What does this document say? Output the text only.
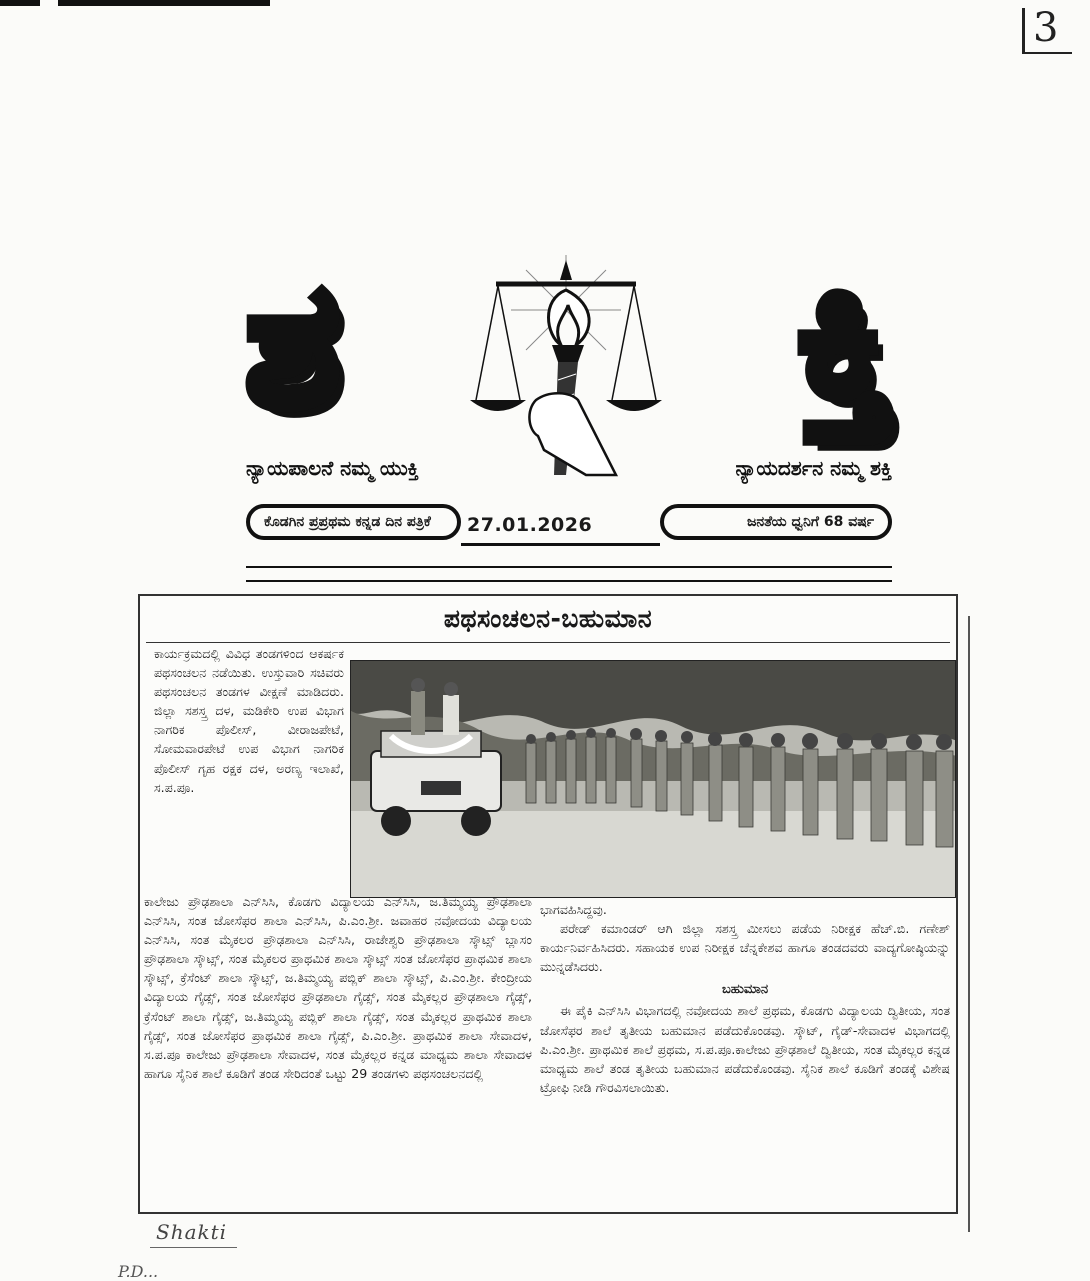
3
ಶ	ಕ್ತಿ
ನ್ಯಾಯಪಾಲನೆ ನಮ್ಮ ಯುಕ್ತಿ	ನ್ಯಾಯದರ್ಶನ ನಮ್ಮ ಶಕ್ತಿ
ಕೊಡಗಿನ ಪ್ರಪ್ರಥಮ ಕನ್ನಡ ದಿನ ಪತ್ರಿಕೆ	27.01.2026	ಜನತೆಯ ಧ್ವನಿಗೆ 68 ವರ್ಷ
ಪಥಸಂಚಲನ-ಬಹುಮಾನ

ಕಾರ್ಯಕ್ರಮದಲ್ಲಿ ವಿವಿಧ ತಂಡಗಳಿಂದ ಆಕರ್ಷಕ ಪಥಸಂಚಲನ ನಡೆಯಿತು. ಉಸ್ತುವಾರಿ ಸಚಿವರು ಪಥಸಂಚಲನ ತಂಡಗಳ ವೀಕ್ಷಣೆ ಮಾಡಿದರು. ಜಿಲ್ಲಾ ಸಶಸ್ತ್ರ ದಳ, ಮಡಿಕೇರಿ ಉಪ ವಿಭಾಗ ನಾಗರಿಕ ಪೊಲೀಸ್, ವೀರಾಜಪೇಟೆ, ಸೋಮವಾರಪೇಟೆ ಉಪ ವಿಭಾಗ ನಾಗರಿಕ ಪೊಲೀಸ್ ಗೃಹ ರಕ್ಷಕ ದಳ, ಅರಣ್ಯ ಇಲಾಖೆ, ಸ.ಪ.ಪೂ.

ಕಾಲೇಜು ಪ್ರೌಢಶಾಲಾ ಎನ್‌ಸಿಸಿ, ಕೊಡಗು ವಿದ್ಯಾಲಯ ಎನ್‌ಸಿಸಿ, ಜ.ತಿಮ್ಮಯ್ಯ ಪ್ರೌಢಶಾಲಾ ಎನ್‌ಸಿಸಿ, ಸಂತ ಜೋಸೆಫರ ಶಾಲಾ ಎನ್‌ಸಿಸಿ, ಪಿ.ಎಂ.ಶ್ರೀ. ಜವಾಹರ ನವೋದಯ ವಿದ್ಯಾಲಯ ಎನ್‌ಸಿಸಿ, ಸಂತ ಮೈಕಲರ ಪ್ರೌಢಶಾಲಾ ಎನ್‌ಸಿಸಿ, ರಾಜೇಶ್ವರಿ ಪ್ರೌಢಶಾಲಾ ಸ್ಕೌಟ್ಸ್ ಬ್ಲಾಸಂ ಪ್ರೌಢಶಾಲಾ ಸ್ಕೌಟ್ಸ್, ಸಂತ ಮೈಕಲರ ಪ್ರಾಥಮಿಕ ಶಾಲಾ ಸ್ಕೌಟ್ಸ್ ಸಂತ ಜೋಸೆಫರ ಪ್ರಾಥಮಿಕ ಶಾಲಾ ಸ್ಕೌಟ್ಸ್, ಕ್ರೆಸೆಂಟ್ ಶಾಲಾ ಸ್ಕೌಟ್ಸ್, ಜ.ತಿಮ್ಮಯ್ಯ ಪಬ್ಲಿಕ್ ಶಾಲಾ ಸ್ಕೌಟ್ಸ್, ಪಿ.ಎಂ.ಶ್ರೀ. ಕೇಂದ್ರೀಯ ವಿದ್ಯಾಲಯ ಗೈಡ್ಸ್, ಸಂತ ಜೋಸೆಫರ ಪ್ರೌಢಶಾಲಾ ಗೈಡ್ಸ್, ಸಂತ ಮೈಕಲ್ಲರ ಪ್ರೌಢಶಾಲಾ ಗೈಡ್ಸ್, ಕ್ರೆಸೆಂಟ್ ಶಾಲಾ ಗೈಡ್ಸ್, ಜ.ತಿಮ್ಮಯ್ಯ ಪಬ್ಲಿಕ್ ಶಾಲಾ ಗೈಡ್ಸ್, ಸಂತ ಮೈಕಲ್ಲರ ಪ್ರಾಥಮಿಕ ಶಾಲಾ ಗೈಡ್ಸ್, ಸಂತ ಜೋಸೆಫರ ಪ್ರಾಥಮಿಕ ಶಾಲಾ ಗೈಡ್ಸ್, ಪಿ.ಎಂ.ಶ್ರೀ. ಪ್ರಾಥಮಿಕ ಶಾಲಾ ಸೇವಾದಳ, ಸ.ಪ.ಪೂ ಕಾಲೇಜು ಪ್ರೌಢಶಾಲಾ ಸೇವಾದಳ, ಸಂತ ಮೈಕಲ್ಲರ ಕನ್ನಡ ಮಾಧ್ಯಮ ಶಾಲಾ ಸೇವಾದಳ ಹಾಗೂ ಸೈನಿಕ ಶಾಲೆ ಕೂಡಿಗೆ ತಂಡ ಸೇರಿದಂತೆ ಒಟ್ಟು 29 ತಂಡಗಳು ಪಥಸಂಚಲನದಲ್ಲಿ

ಭಾಗವಹಿಸಿದ್ದವು.

ಪರೇಡ್ ಕಮಾಂಡರ್ ಆಗಿ ಜಿಲ್ಲಾ ಸಶಸ್ತ್ರ ಮೀಸಲು ಪಡೆಯ ನಿರೀಕ್ಷಕ ಹೆಚ್.ಬಿ. ಗಣೇಶ್ ಕಾರ್ಯನಿರ್ವಹಿಸಿದರು. ಸಹಾಯಕ ಉಪ ನಿರೀಕ್ಷಕ ಚೆನ್ನಕೇಶವ ಹಾಗೂ ತಂಡದವರು ವಾದ್ಯಗೋಷ್ಠಿಯನ್ನು ಮುನ್ನಡೆಸಿದರು.

ಬಹುಮಾನ

ಈ ಪೈಕಿ ಎನ್‌ಸಿಸಿ ವಿಭಾಗದಲ್ಲಿ ನವೋದಯ ಶಾಲೆ ಪ್ರಥಮ, ಕೊಡಗು ವಿದ್ಯಾಲಯ ದ್ವಿತೀಯ, ಸಂತ ಜೋಸೆಫರ ಶಾಲೆ ತೃತೀಯ ಬಹುಮಾನ ಪಡೆದುಕೊಂಡವು. ಸ್ಕೌಟ್, ಗೈಡ್-ಸೇವಾದಳ ವಿಭಾಗದಲ್ಲಿ ಪಿ.ಎಂ.ಶ್ರೀ. ಪ್ರಾಥಮಿಕ ಶಾಲೆ ಪ್ರಥಮ, ಸ.ಪ.ಪೂ.ಕಾಲೇಜು ಪ್ರೌಢಶಾಲೆ ದ್ವಿತೀಯ, ಸಂತ ಮೈಕಲ್ಲರ ಕನ್ನಡ ಮಾಧ್ಯಮ ಶಾಲೆ ತಂಡ ತೃತೀಯ ಬಹುಮಾನ ಪಡೆದುಕೊಂಡವು. ಸೈನಿಕ ಶಾಲೆ ಕೂಡಿಗೆ ತಂಡಕ್ಕೆ ವಿಶೇಷ ಟ್ರೋಫಿ ನೀಡಿ ಗೌರವಿಸಲಾಯಿತು.

Shakti
P.D...
